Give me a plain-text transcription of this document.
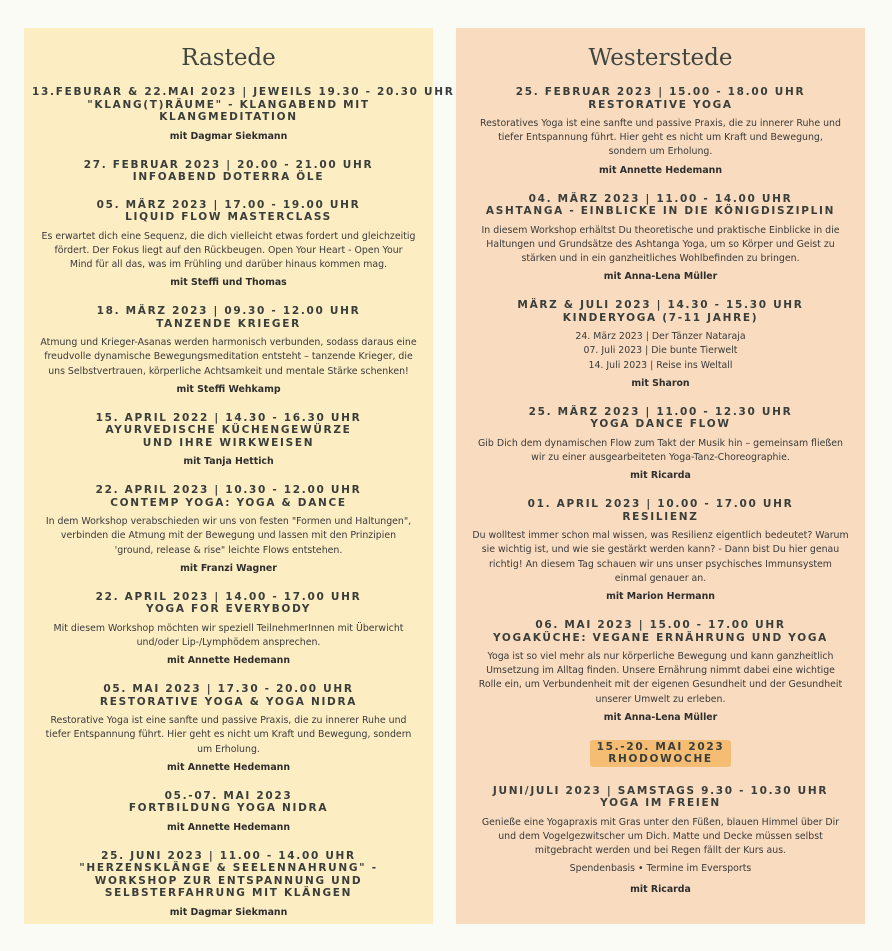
Rastede
13.FEBURAR & 22.MAI 2023 | JEWEILS 19.30 - 20.30 UHR
"KLANG(T)RÄUME" - KLANGABEND MIT
KLANGMEDITATION
mit Dagmar Siekmann
27. FEBRUAR 2023 | 20.00 - 21.00 UHR
INFOABEND DOTERRA ÖLE
05. MÄRZ 2023 | 17.00 - 19.00 UHR
LIQUID FLOW MASTERCLASS
Es erwartet dich eine Sequenz, die dich vielleicht etwas fordert und gleichzeitig
fördert. Der Fokus liegt auf den Rückbeugen. Open Your Heart - Open Your
Mind für all das, was im Frühling und darüber hinaus kommen mag.
mit Steffi und Thomas
18. MÄRZ 2023 | 09.30 - 12.00 UHR
TANZENDE KRIEGER
Atmung und Krieger-Asanas werden harmonisch verbunden, sodass daraus eine
freudvolle dynamische Bewegungsmeditation entsteht – tanzende Krieger, die
uns Selbstvertrauen, körperliche Achtsamkeit und mentale Stärke schenken!
mit Steffi Wehkamp
15. APRIL 2022 | 14.30 - 16.30 UHR
AYURVEDISCHE KÜCHENGEWÜRZE
UND IHRE WIRKWEISEN
mit Tanja Hettich
22. APRIL 2023 | 10.30 - 12.00 UHR
CONTEMP YOGA: YOGA & DANCE
In dem Workshop verabschieden wir uns von festen "Formen und Haltungen",
verbinden die Atmung mit der Bewegung und lassen mit den Prinzipien
'ground, release & rise" leichte Flows entstehen.
mit Franzi Wagner
22. APRIL 2023 | 14.00 - 17.00 UHR
YOGA FOR EVERYBODY
Mit diesem Workshop möchten wir speziell TeilnehmerInnen mit Überwicht
und/oder Lip-/Lymphödem ansprechen.
mit Annette Hedemann
05. MAI 2023 | 17.30 - 20.00 UHR
RESTORATIVE YOGA & YOGA NIDRA
Restorative Yoga ist eine sanfte und passive Praxis, die zu innerer Ruhe und
tiefer Entspannung führt. Hier geht es nicht um Kraft und Bewegung, sondern
um Erholung.
mit Annette Hedemann
05.-07. MAI 2023
FORTBILDUNG YOGA NIDRA
mit Annette Hedemann
25. JUNI 2023 | 11.00 - 14.00 UHR
"HERZENSKLÄNGE & SEELENNAHRUNG" -
WORKSHOP ZUR ENTSPANNUNG UND
SELBSTERFAHRUNG MIT KLÄNGEN
mit Dagmar Siekmann
Westerstede
25. FEBRUAR 2023 | 15.00 - 18.00 UHR
RESTORATIVE YOGA
Restoratives Yoga ist eine sanfte und passive Praxis, die zu innerer Ruhe und
tiefer Entspannung führt. Hier geht es nicht um Kraft und Bewegung,
sondern um Erholung.
mit Annette Hedemann
04. MÄRZ 2023 | 11.00 - 14.00 UHR
ASHTANGA - EINBLICKE IN DIE KÖNIGDISZIPLIN
In diesem Workshop erhältst Du theoretische und praktische Einblicke in die
Haltungen und Grundsätze des Ashtanga Yoga, um so Körper und Geist zu
stärken und in ein ganzheitliches Wohlbefinden zu bringen.
mit Anna-Lena Müller
MÄRZ & JULI 2023 | 14.30 - 15.30 UHR
KINDERYOGA (7-11 JAHRE)
24. März 2023 | Der Tänzer Nataraja
07. Juli 2023 | Die bunte Tierwelt
14. Juli 2023 | Reise ins Weltall
mit Sharon
25. MÄRZ 2023 | 11.00 - 12.30 UHR
YOGA DANCE FLOW
Gib Dich dem dynamischen Flow zum Takt der Musik hin – gemeinsam fließen
wir zu einer ausgearbeiteten Yoga-Tanz-Choreographie.
mit Ricarda
01. APRIL 2023 | 10.00 - 17.00 UHR
RESILIENZ
Du wolltest immer schon mal wissen, was Resilienz eigentlich bedeutet? Warum
sie wichtig ist, und wie sie gestärkt werden kann? - Dann bist Du hier genau
richtig! An diesem Tag schauen wir uns unser psychisches Immunsystem
einmal genauer an.
mit Marion Hermann
06. MAI 2023 | 15.00 - 17.00 UHR
YOGAKÜCHE: VEGANE ERNÄHRUNG UND YOGA
Yoga ist so viel mehr als nur körperliche Bewegung und kann ganzheitlich
Umsetzung im Alltag finden. Unsere Ernährung nimmt dabei eine wichtige
Rolle ein, um Verbundenheit mit der eigenen Gesundheit und der Gesundheit
unserer Umwelt zu erleben.
mit Anna-Lena Müller
15.-20. MAI 2023
RHODOWOCHE
JUNI/JULI 2023 | SAMSTAGS 9.30 - 10.30 UHR
YOGA IM FREIEN
Genieße eine Yogapraxis mit Gras unter den Füßen, blauen Himmel über Dir
und dem Vogelgezwitscher um Dich. Matte und Decke müssen selbst
mitgebracht werden und bei Regen fällt der Kurs aus.
Spendenbasis • Termine im Eversports
mit Ricarda
